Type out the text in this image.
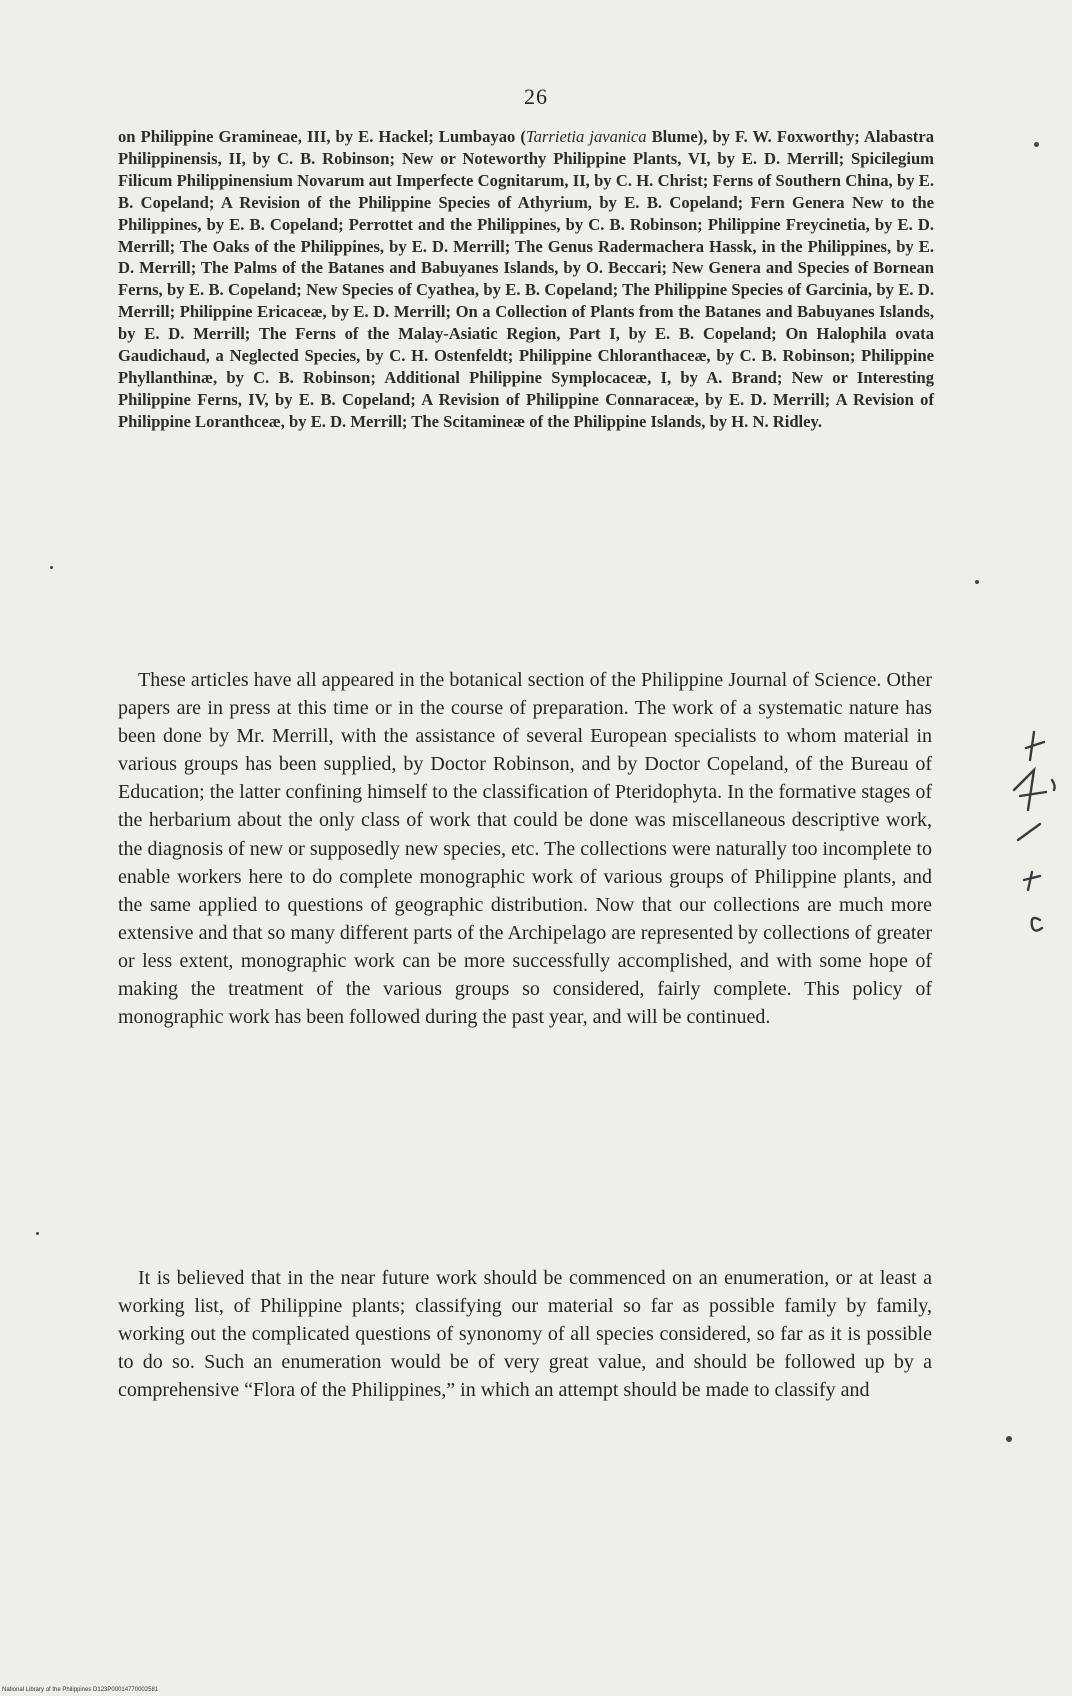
26

on Philippine Gramineae, III, by E. Hackel; Lumbayao (Tarrietia javanica Blume), by F. W. Foxworthy; Alabastra Philippinensis, II, by C. B. Robinson; New or Noteworthy Philippine Plants, VI, by E. D. Merrill; Spicilegium Filicum Philippinensium Novarum aut Imperfecte Cognitarum, II, by C. H. Christ; Ferns of Southern China, by E. B. Copeland; A Revision of the Philippine Species of Athyrium, by E. B. Copeland; Fern Genera New to the Philippines, by E. B. Copeland; Perrottet and the Philippines, by C. B. Robinson; Philippine Freycinetia, by E. D. Merrill; The Oaks of the Philippines, by E. D. Merrill; The Genus Radermachera Hassk, in the Philippines, by E. D. Merrill; The Palms of the Batanes and Babuyanes Islands, by O. Beccari; New Genera and Species of Bornean Ferns, by E. B. Copeland; New Species of Cyathea, by E. B. Copeland; The Philippine Species of Garcinia, by E. D. Merrill; Philippine Ericaceæ, by E. D. Merrill; On a Collection of Plants from the Batanes and Babuyanes Islands, by E. D. Merrill; The Ferns of the Malay-Asiatic Region, Part I, by E. B. Copeland; On Halophila ovata Gaudichaud, a Neglected Species, by C. H. Ostenfeldt; Philippine Chloranthaceæ, by C. B. Robinson; Philippine Phyllanthinæ, by C. B. Robinson; Additional Philippine Symplocaceæ, I, by A. Brand; New or Interesting Philippine Ferns, IV, by E. B. Copeland; A Revision of Philippine Connaraceæ, by E. D. Merrill; A Revision of Philippine Loranthceæ, by E. D. Merrill; The Scitamineæ of the Philippine Islands, by H. N. Ridley.

These articles have all appeared in the botanical section of the Philippine Journal of Science. Other papers are in press at this time or in the course of preparation. The work of a systematic nature has been done by Mr. Merrill, with the assistance of several European specialists to whom material in various groups has been supplied, by Doctor Robinson, and by Doctor Copeland, of the Bureau of Education; the latter confining himself to the classification of Pteridophyta. In the formative stages of the herbarium about the only class of work that could be done was miscellaneous descriptive work, the diagnosis of new or supposedly new species, etc. The collections were naturally too incomplete to enable workers here to do complete monographic work of various groups of Philippine plants, and the same applied to questions of geographic distribution. Now that our collections are much more extensive and that so many different parts of the Archipelago are represented by collections of greater or less extent, monographic work can be more successfully accomplished, and with some hope of making the treatment of the various groups so considered, fairly complete. This policy of monographic work has been followed during the past year, and will be continued.

It is believed that in the near future work should be commenced on an enumeration, or at least a working list, of Philippine plants; classifying our material so far as possible family by family, working out the complicated questions of synonomy of all species considered, so far as it is possible to do so. Such an enumeration would be of very great value, and should be followed up by a comprehensive “Flora of the Philippines,” in which an attempt should be made to classify and

National Library of the Philippines D123P00014770002581
